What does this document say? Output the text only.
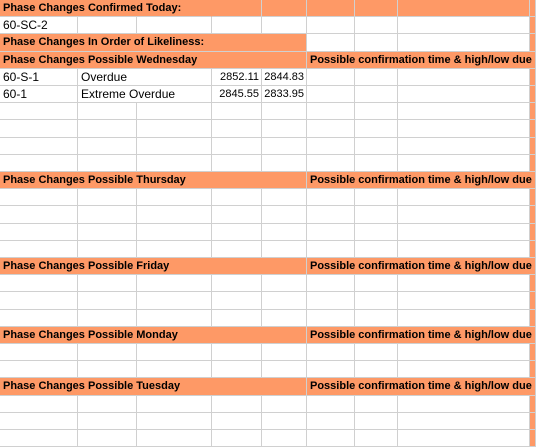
Phase Changes Confirmed Today:
60-SC-2
Phase Changes In Order of Likeliness:
Phase Changes Possible Wednesday	Possible confirmation time & high/low due
60-S-1	Overdue	2852.11 2844.83
60-1	Extreme Overdue	2845.55 2833.95
Phase Changes Possible Thursday	Possible confirmation time & high/low due
Phase Changes Possible Friday	Possible confirmation time & high/low due
Phase Changes Possible Monday	Possible confirmation time & high/low due
Phase Changes Possible Tuesday	Possible confirmation time & high/low due
